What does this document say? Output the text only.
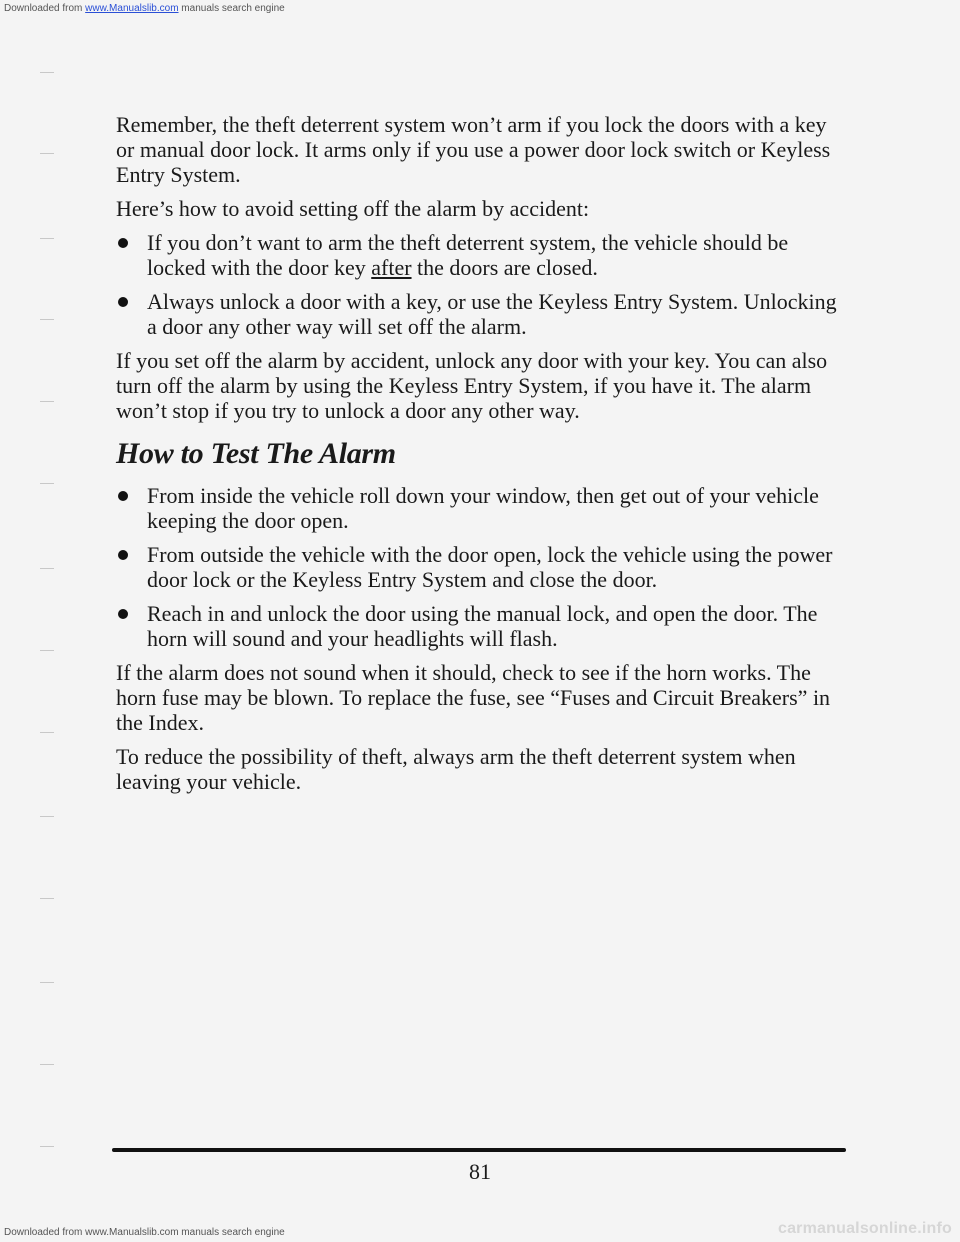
Downloaded from www.Manualslib.com manuals search engine

Remember, the theft deterrent system won’t arm if you lock the doors with a key or manual door lock. It arms only if you use a power door lock switch or Keyless Entry System.

Here’s how to avoid setting off the alarm by accident:

If you don’t want to arm the theft deterrent system, the vehicle should be locked with the door key after the doors are closed.
Always unlock a door with a key, or use the Keyless Entry System. Unlocking a door any other way will set off the alarm.

If you set off the alarm by accident, unlock any door with your key. You can also turn off the alarm by using the Keyless Entry System, if you have it. The alarm won’t stop if you try to unlock a door any other way.

How to Test The Alarm
From inside the vehicle roll down your window, then get out of your vehicle keeping the door open.
From outside the vehicle with the door open, lock the vehicle using the power door lock or the Keyless Entry System and close the door.
Reach in and unlock the door using the manual lock, and open the door. The horn will sound and your headlights will flash.

If the alarm does not sound when it should, check to see if the horn works. The horn fuse may be blown. To replace the fuse, see “Fuses and Circuit Breakers” in the Index.

To reduce the possibility of theft, always arm the theft deterrent system when leaving your vehicle.

81
Downloaded from www.Manualslib.com manuals search engine	carmanualsonline.info
